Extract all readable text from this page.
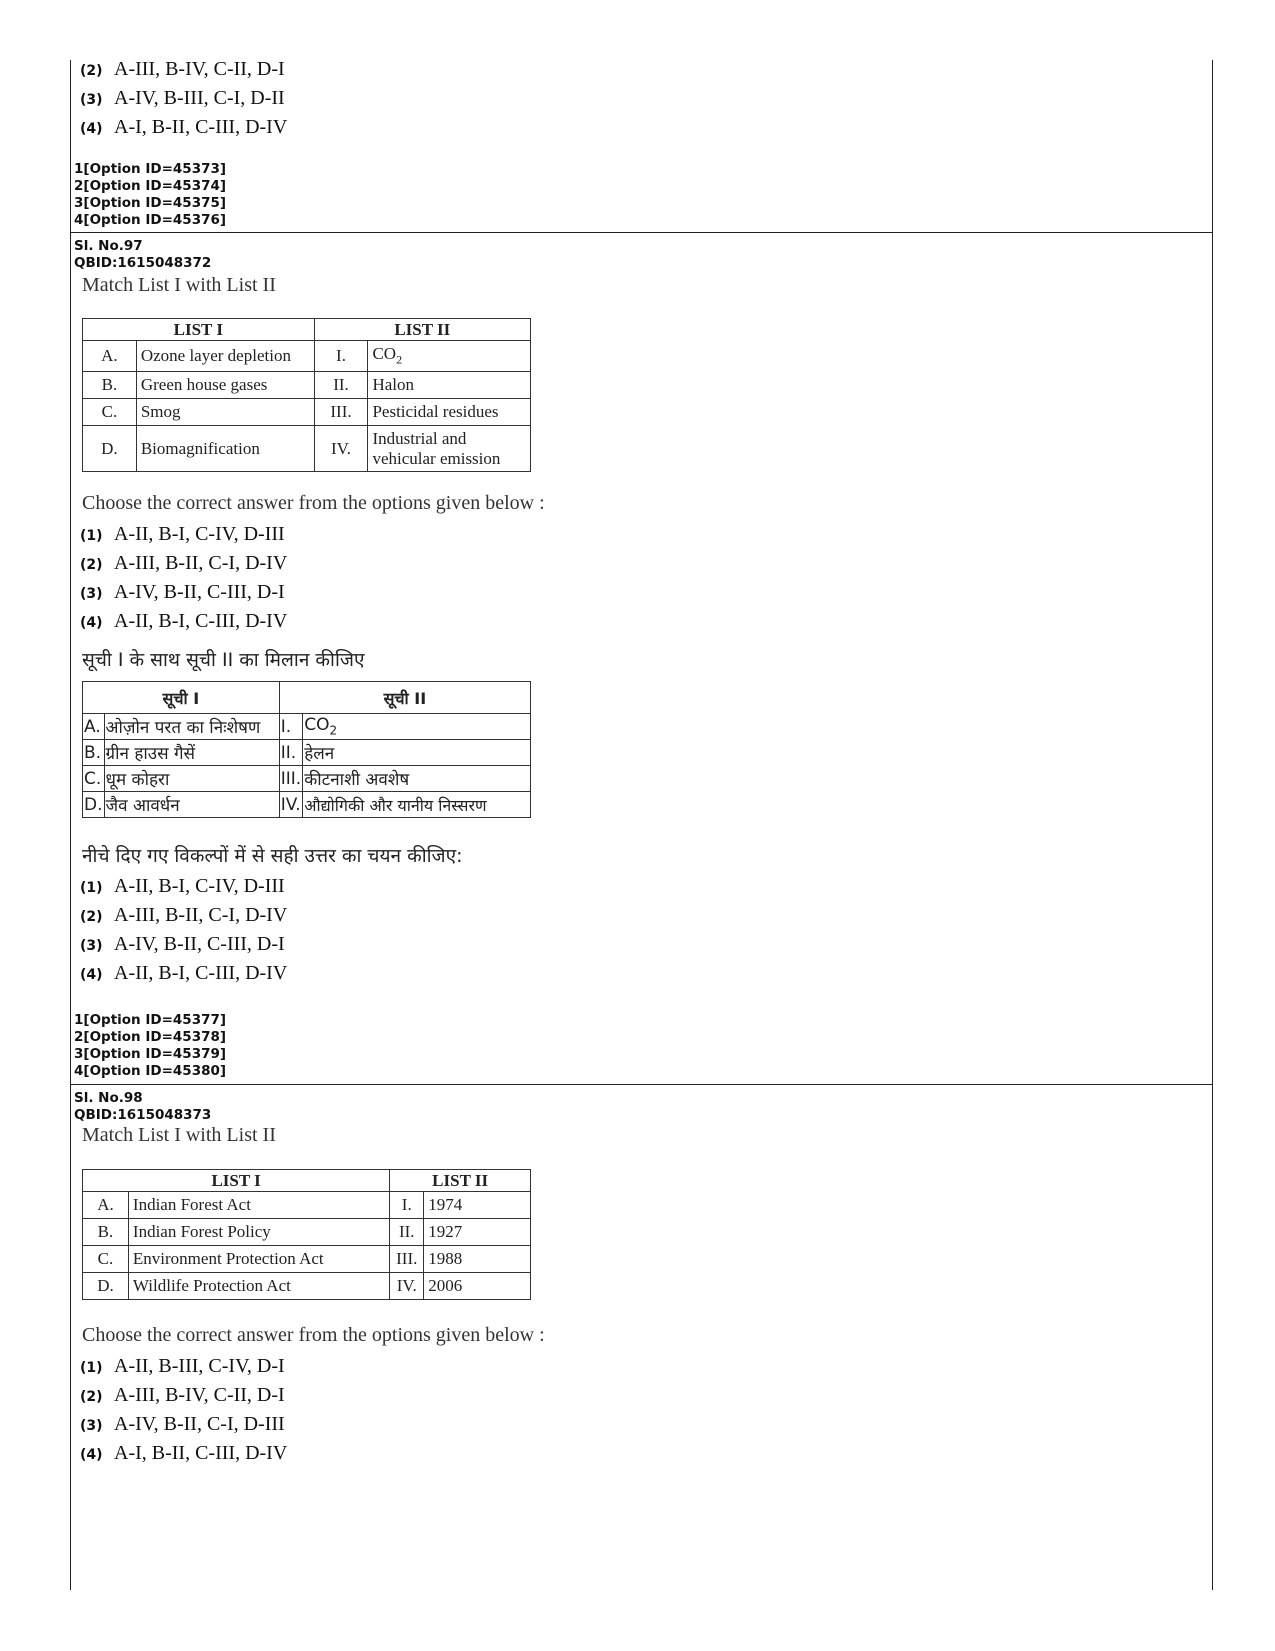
(2) A-III, B-IV, C-II, D-I
(3) A-IV, B-III, C-I, D-II
(4) A-I, B-II, C-III, D-IV
1[Option ID=45373]
2[Option ID=45374]
3[Option ID=45375]
4[Option ID=45376]
Sl. No.97
QBID:1615048372
Match List I with List II
LIST I		LIST II	
A.	Ozone layer depletion	I.	$CO_2$
B.	Green house gases	II.	Halon
C.	Smog	III.	Pesticidal residues
D.	Biomagnification	IV.	Industrial and
vehicular emission
Choose the correct answer from the options given below :
(1) A-II, B-I, C-IV, D-III
(2) A-III, B-II, C-I, D-IV
(3) A-IV, B-II, C-III, D-I
(4) A-II, B-I, C-III, D-IV
सूची I के साथ सूची II का मिलान कीजिए
सूची I		सूची II	
A.	ओज़ोन परत का निःशेषण	I.	$CO_2$
B.	ग्रीन हाउस गैसें	II.	हेलन
C.	धूम कोहरा	III.	कीटनाशी अवशेष
D.	जैव आवर्धन	IV.	औद्योगिकी और यानीय निस्सरण
नीचे दिए गए विकल्पों में से सही उत्तर का चयन कीजिए:
(1) A-II, B-I, C-IV, D-III
(2) A-III, B-II, C-I, D-IV
(3) A-IV, B-II, C-III, D-I
(4) A-II, B-I, C-III, D-IV
1[Option ID=45377]
2[Option ID=45378]
3[Option ID=45379]
4[Option ID=45380]
Sl. No.98
QBID:1615048373
Match List I with List II
LIST I		LIST II	
A.	Indian Forest Act	I.	1974
B.	Indian Forest Policy	II.	1927
C.	Environment Protection Act	III.	1988
D.	Wildlife Protection Act	IV.	2006
Choose the correct answer from the options given below :
(1) A-II, B-III, C-IV, D-I
(2) A-III, B-IV, C-II, D-I
(3) A-IV, B-II, C-I, D-III
(4) A-I, B-II, C-III, D-IV
